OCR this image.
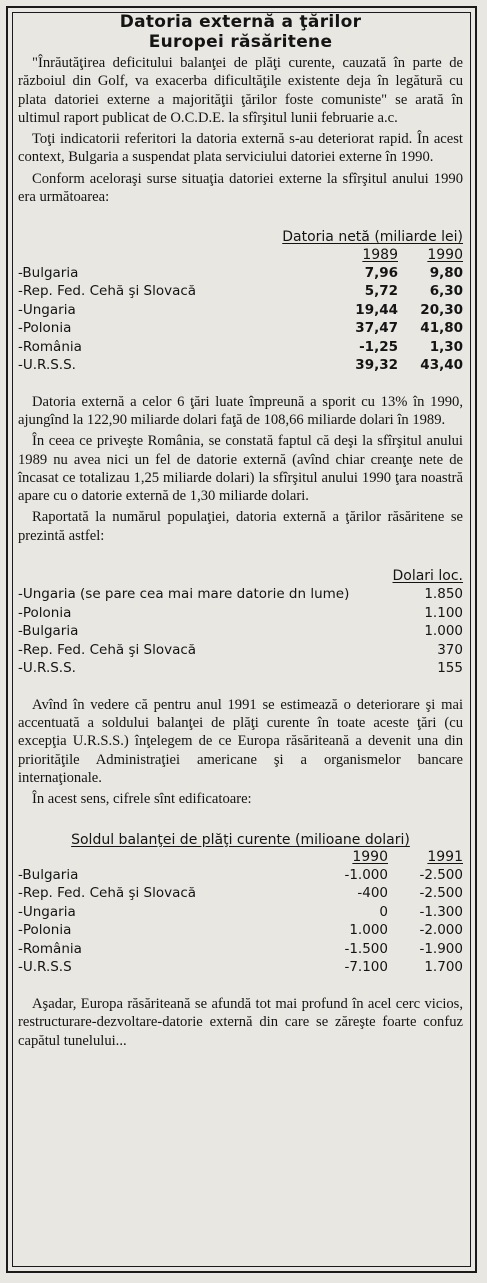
Datoria externă a ţărilor
Europei răsăritene

"Înrăutăţirea deficitului balanţei de plăţi curente, cauzată în parte de războiul din Golf, va exacerba dificultăţile existente deja în legătură cu plata datoriei externe a majorităţii ţărilor foste comuniste" se arată în ultimul raport publicat de O.C.D.E. la sfîrşitul lunii februarie a.c.

Toţi indicatorii referitori la datoria externă s-au deteriorat rapid. În acest context, Bulgaria a suspendat plata serviciului datoriei externe în 1990.

Conform aceloraşi surse situaţia datoriei externe la sfîrşitul anului 1990 era următoarea:

Datoria netă (miliarde lei)
1989	1990
-Bulgaria	7,96	9,80
-Rep. Fed. Cehă şi Slovacă	5,72	6,30
-Ungaria	19,44	20,30
-Polonia	37,47	41,80
-România	-1,25	1,30
-U.R.S.S.	39,32	43,40

Datoria externă a celor 6 ţări luate împreună a sporit cu 13% în 1990, ajungînd la 122,90 miliarde dolari faţă de 108,66 miliarde dolari în 1989.

În ceea ce priveşte România, se constată faptul că deşi la sfîrşitul anului 1989 nu avea nici un fel de datorie externă (avînd chiar creanţe nete de încasat ce totalizau 1,25 miliarde dolari) la sfîrşitul anului 1990 ţara noastră apare cu o datorie externă de 1,30 miliarde dolari.

Raportată la numărul populaţiei, datoria externă a ţărilor răsăritene se prezintă astfel:

Dolari loc.
-Ungaria (se pare cea mai mare datorie dn lume)	1.850
-Polonia	1.100
-Bulgaria	1.000
-Rep. Fed. Cehă şi Slovacă	370
-U.R.S.S.	155

Avînd în vedere că pentru anul 1991 se estimează o deteriorare şi mai accentuată a soldului balanţei de plăţi curente în toate aceste ţări (cu excepţia U.R.S.S.) înţelegem de ce Europa răsăriteană a devenit una din priorităţile Administraţiei americane şi a organismelor bancare internaţionale.

În acest sens, cifrele sînt edificatoare:

Soldul balanţei de plăţi curente (milioane dolari)
1990	1991
-Bulgaria	-1.000	-2.500
-Rep. Fed. Cehă şi Slovacă	-400	-2.500
-Ungaria	0	-1.300
-Polonia	1.000	-2.000
-România	-1.500	-1.900
-U.R.S.S	-7.100	1.700

Aşadar, Europa răsăriteană se afundă tot mai profund în acel cerc vicios, restructurare-dezvoltare-datorie externă din care se zăreşte foarte confuz capătul tunelului...
